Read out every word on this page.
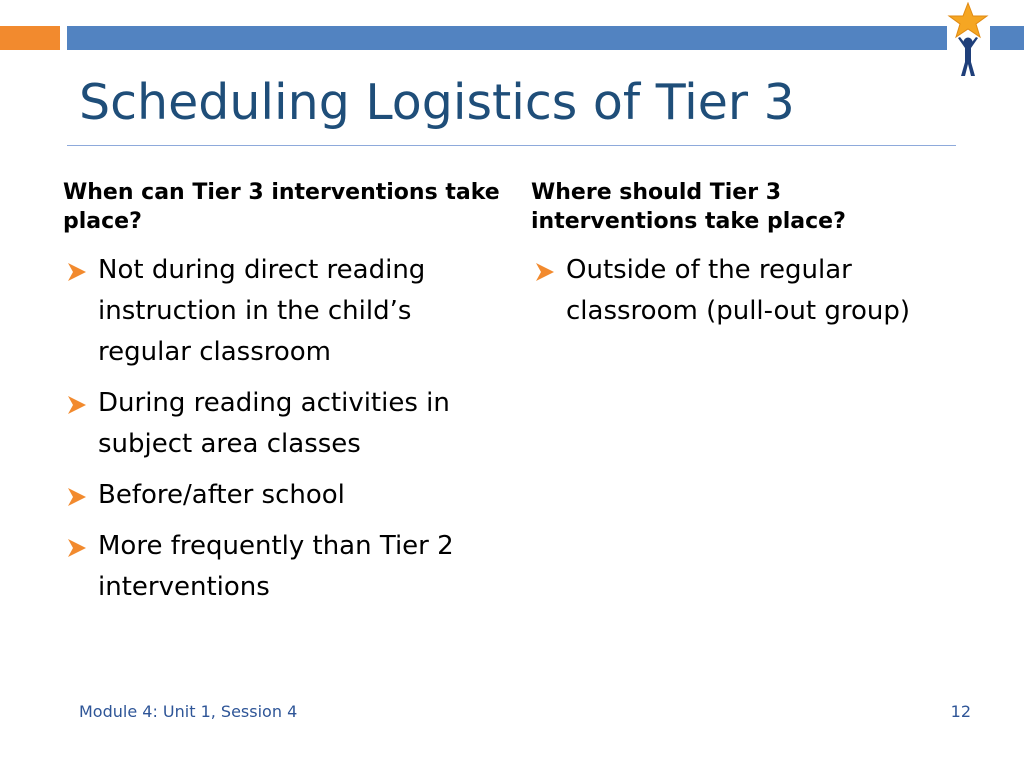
Scheduling Logistics of Tier 3

When can Tier 3 interventions take place?

Not during direct reading instruction in the child’s regular classroom
During reading activities in subject area classes
Before/after school
More frequently than Tier 2 interventions

Where should Tier 3 interventions take place?

Outside of the regular classroom (pull-out group)
Module 4: Unit 1, Session 4	12
